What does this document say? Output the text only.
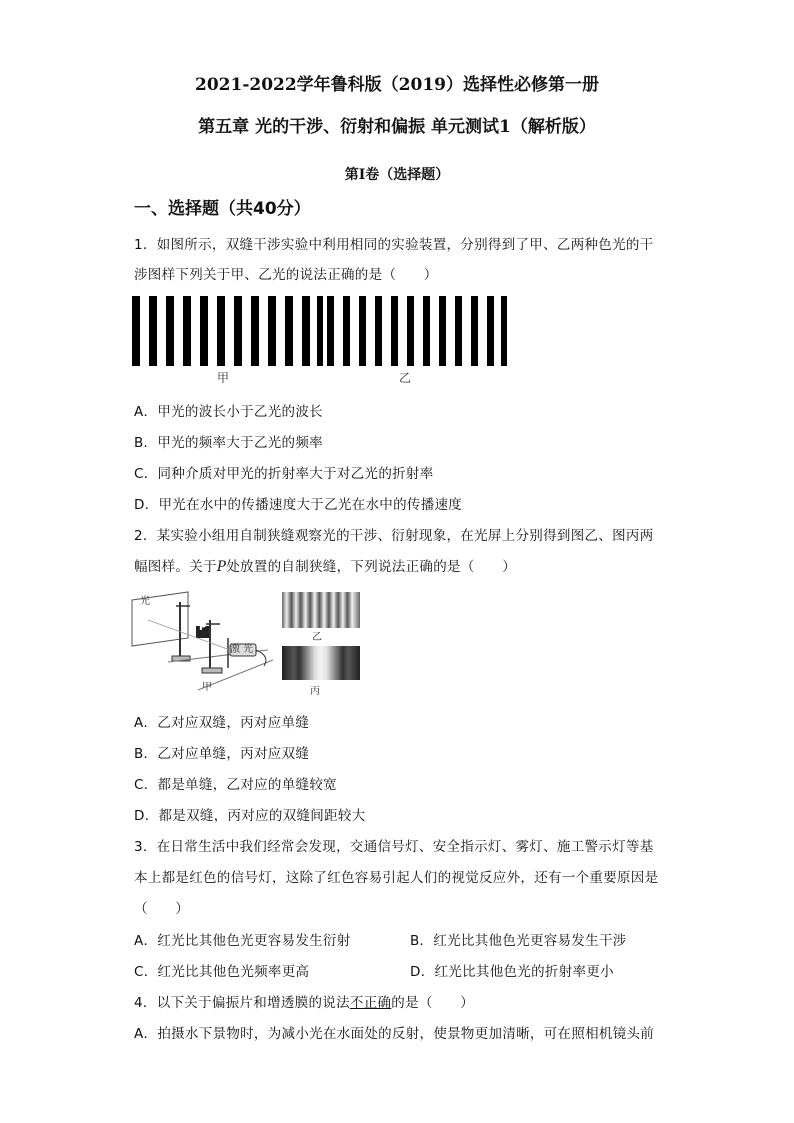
2021-2022学年鲁科版（2019）选择性必修第一册
第五章 光的干涉、衍射和偏振 单元测试1（解析版）
第Ⅰ卷（选择题）
一、选择题（共40分）
1．如图所示，双缝干涉实验中利用相同的实验装置，分别得到了甲、乙两种色光的干
涉图样下列关于甲、乙光的说法正确的是（　　）
甲	乙
A．甲光的波长小于乙光的波长
B．甲光的频率大于乙光的频率
C．同种介质对甲光的折射率大于对乙光的折射率
D．甲光在水中的传播速度大于乙光在水中的传播速度
2．某实验小组用自制狭缝观察光的干涉、衍射现象，在光屏上分别得到图乙、图丙两
幅图样。关于P处放置的自制狭缝，下列说法正确的是（　　）
光
P
激 光
甲
乙
丙
A．乙对应双缝，丙对应单缝
B．乙对应单缝，丙对应双缝
C．都是单缝，乙对应的单缝较宽
D．都是双缝，丙对应的双缝间距较大
3．在日常生活中我们经常会发现，交通信号灯、安全指示灯、雾灯、施工警示灯等基
本上都是红色的信号灯，这除了红色容易引起人们的视觉反应外，还有一个重要原因是
（　　）
A．红光比其他色光更容易发生衍射	B．红光比其他色光更容易发生干涉
C．红光比其他色光频率更高	D．红光比其他色光的折射率更小
4．以下关于偏振片和增透膜的说法不正确的是（　　）
A．拍摄水下景物时，为减小光在水面处的反射，使景物更加清晰，可在照相机镜头前
